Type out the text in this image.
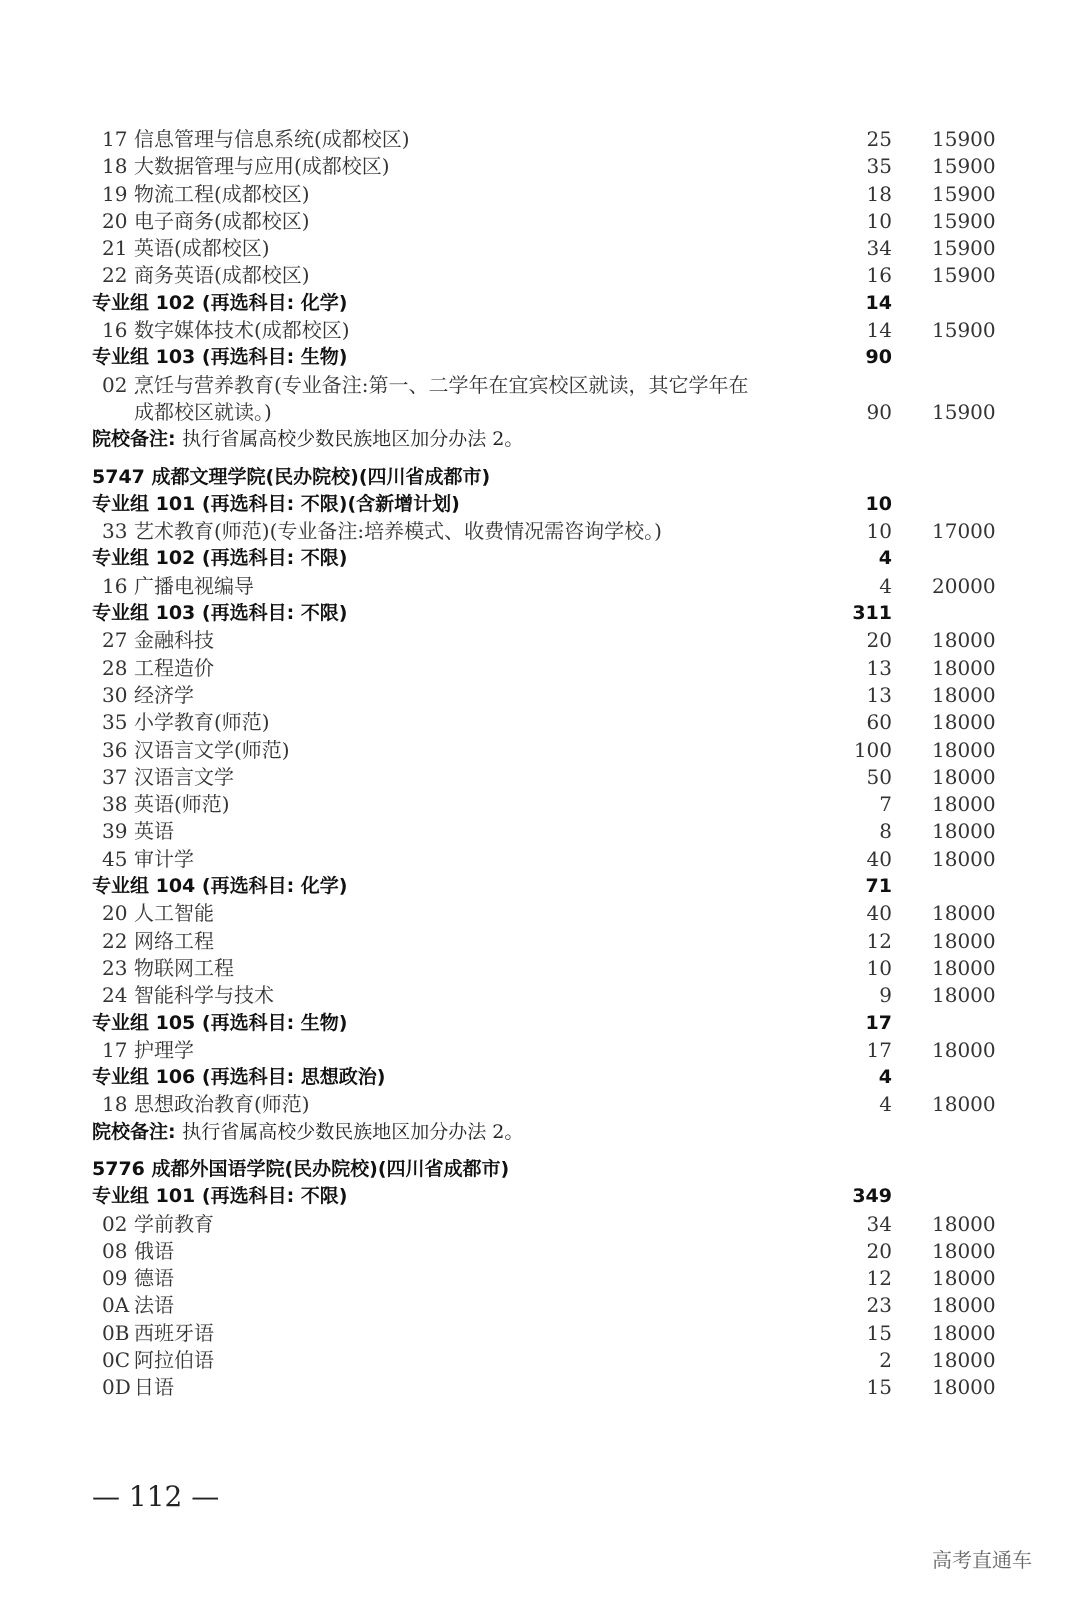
17 信息管理与信息系统(成都校区)	25 15900
18 大数据管理与应用(成都校区)	35 15900
19 物流工程(成都校区)	18 15900
20 电子商务(成都校区)	10 15900
21 英语(成都校区)	34 15900
22 商务英语(成都校区)	16 15900
专业组 102 (再选科目: 化学)	14
16 数字媒体技术(成都校区)	14 15900
专业组 103 (再选科目: 生物)	90
02 烹饪与营养教育(专业备注:第一、二学年在宜宾校区就读，其它学年在
成都校区就读。)	90 15900
院校备注: 执行省属高校少数民族地区加分办法 2。
5747 成都文理学院(民办院校)(四川省成都市)
专业组 101 (再选科目: 不限)(含新增计划)	10
33 艺术教育(师范)(专业备注:培养模式、收费情况需咨询学校。)	10 17000
专业组 102 (再选科目: 不限)	4
16 广播电视编导	4 20000
专业组 103 (再选科目: 不限)	311
27 金融科技	20 18000
28 工程造价	13 18000
30 经济学	13 18000
35 小学教育(师范)	60 18000
36 汉语言文学(师范)	100 18000
37 汉语言文学	50 18000
38 英语(师范)	7 18000
39 英语	8 18000
45 审计学	40 18000
专业组 104 (再选科目: 化学)	71
20 人工智能	40 18000
22 网络工程	12 18000
23 物联网工程	10 18000
24 智能科学与技术	9 18000
专业组 105 (再选科目: 生物)	17
17 护理学	17 18000
专业组 106 (再选科目: 思想政治)	4
18 思想政治教育(师范)	4 18000
院校备注: 执行省属高校少数民族地区加分办法 2。
5776 成都外国语学院(民办院校)(四川省成都市)
专业组 101 (再选科目: 不限)	349
02 学前教育	34 18000
08 俄语	20 18000
09 德语	12 18000
0A 法语	23 18000
0B 西班牙语	15 18000
0C 阿拉伯语	2 18000
0D 日语	15 18000
— 112 —
高考直通车
